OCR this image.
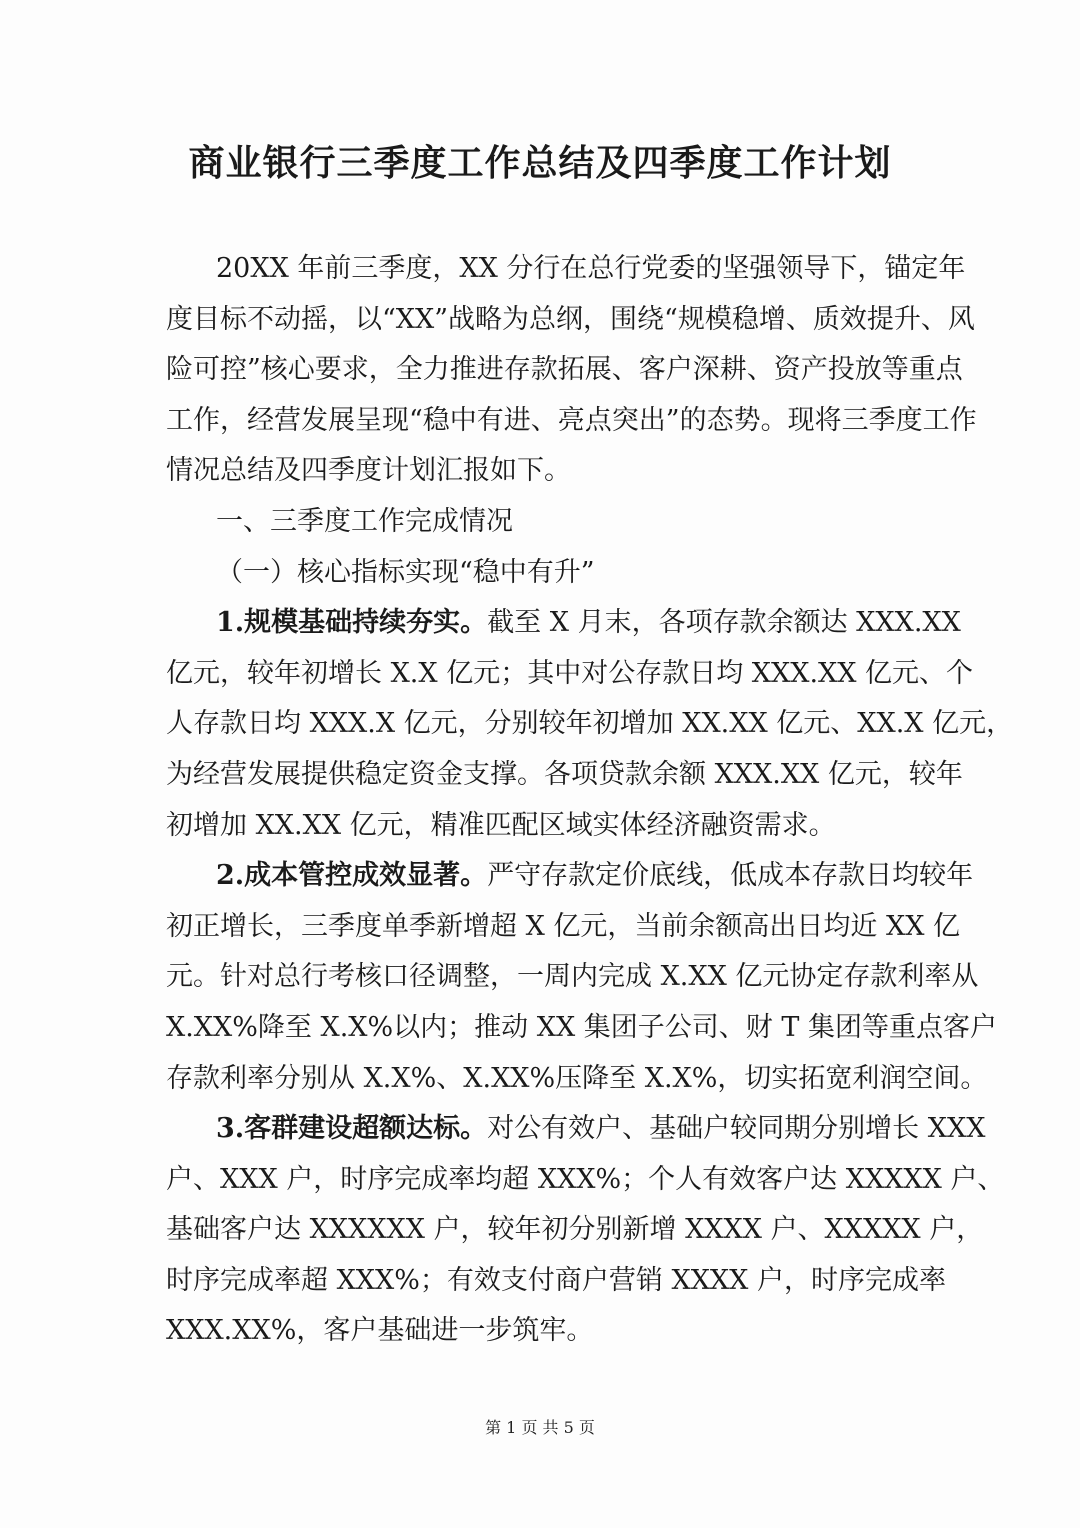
商业银行三季度工作总结及四季度工作计划

20XX 年前三季度，XX 分行在总行党委的坚强领导下，锚定年
度目标不动摇，以“XX”战略为总纲，围绕“规模稳增、质效提升、风
险可控”核心要求，全力推进存款拓展、客户深耕、资产投放等重点
工作，经营发展呈现“稳中有进、亮点突出”的态势。现将三季度工作
情况总结及四季度计划汇报如下。

一、三季度工作完成情况

（一）核心指标实现“稳中有升”

1.规模基础持续夯实。截至 X 月末，各项存款余额达 XXX.XX
亿元，较年初增长 X.X 亿元；其中对公存款日均 XXX.XX 亿元、个
人存款日均 XXX.X 亿元，分别较年初增加 XX.XX 亿元、XX.X 亿元，
为经营发展提供稳定资金支撑。各项贷款余额 XXX.XX 亿元，较年
初增加 XX.XX 亿元，精准匹配区域实体经济融资需求。

2.成本管控成效显著。严守存款定价底线，低成本存款日均较年
初正增长，三季度单季新增超 X 亿元，当前余额高出日均近 XX 亿
元。针对总行考核口径调整，一周内完成 X.XX 亿元协定存款利率从
X.XX%降至 X.X%以内；推动 XX 集团子公司、财 T 集团等重点客户
存款利率分别从 X.X%、X.XX%压降至 X.X%，切实拓宽利润空间。

3.客群建设超额达标。对公有效户、基础户较同期分别增长 XXX
户、XXX 户，时序完成率均超 XXX%；个人有效客户达 XXXXX 户、
基础客户达 XXXXXX 户，较年初分别新增 XXXX 户、XXXXX 户，
时序完成率超 XXX%；有效支付商户营销 XXXX 户，时序完成率
XXX.XX%，客户基础进一步筑牢。

第 1 页 共 5 页
